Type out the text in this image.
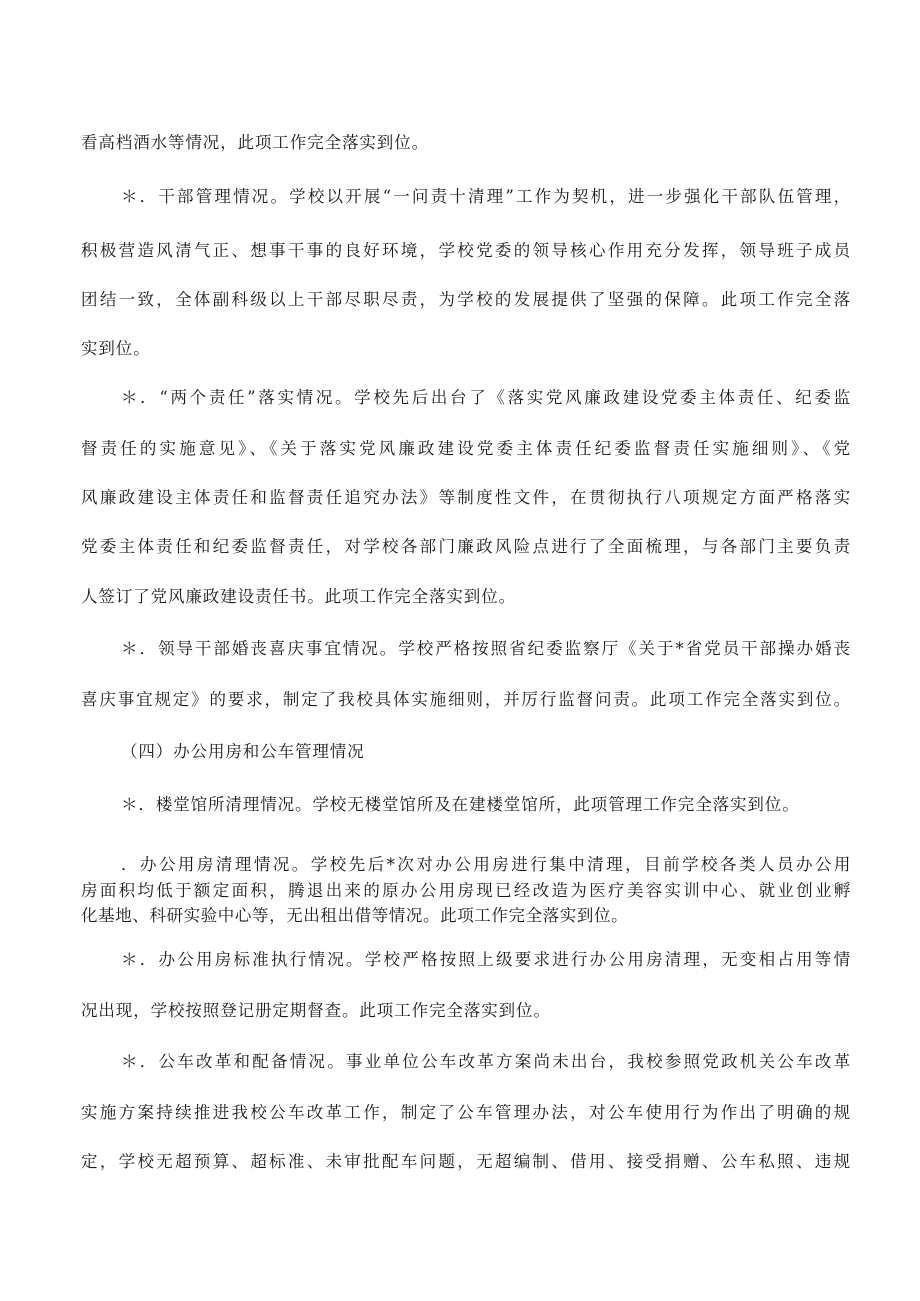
看高档酒水等情况，此项工作完全落实到位。
＊．干部管理情况。学校以开展“一问责十清理”工作为契机，进一步强化干部队伍管理，
积极营造风清气正、想事干事的良好环境，学校党委的领导核心作用充分发挥，领导班子成员
团结一致，全体副科级以上干部尽职尽责，为学校的发展提供了坚强的保障。此项工作完全落
实到位。
＊．“两个责任”落实情况。学校先后出台了《落实党风廉政建设党委主体责任、纪委监
督责任的实施意见》、《关于落实党风廉政建设党委主体责任纪委监督责任实施细则》、《党
风廉政建设主体责任和监督责任追究办法》等制度性文件，在贯彻执行八项规定方面严格落实
党委主体责任和纪委监督责任，对学校各部门廉政风险点进行了全面梳理，与各部门主要负责
人签订了党风廉政建设责任书。此项工作完全落实到位。
＊．领导干部婚丧喜庆事宜情况。学校严格按照省纪委监察厅《关于*省党员干部操办婚丧
喜庆事宜规定》的要求，制定了我校具体实施细则，并厉行监督问责。此项工作完全落实到位。
（四）办公用房和公车管理情况
＊．楼堂馆所清理情况。学校无楼堂馆所及在建楼堂馆所，此项管理工作完全落实到位。
．办公用房清理情况。学校先后*次对办公用房进行集中清理，目前学校各类人员办公用
房面积均低于额定面积，腾退出来的原办公用房现已经改造为医疗美容实训中心、就业创业孵
化基地、科研实验中心等，无出租出借等情况。此项工作完全落实到位。
＊．办公用房标准执行情况。学校严格按照上级要求进行办公用房清理，无变相占用等情
况出现，学校按照登记册定期督查。此项工作完全落实到位。
＊．公车改革和配备情况。事业单位公车改革方案尚未出台，我校参照党政机关公车改革
实施方案持续推进我校公车改革工作，制定了公车管理办法，对公车使用行为作出了明确的规
定，学校无超预算、超标准、未审批配车问题，无超编制、借用、接受捐赠、公车私照、违规
